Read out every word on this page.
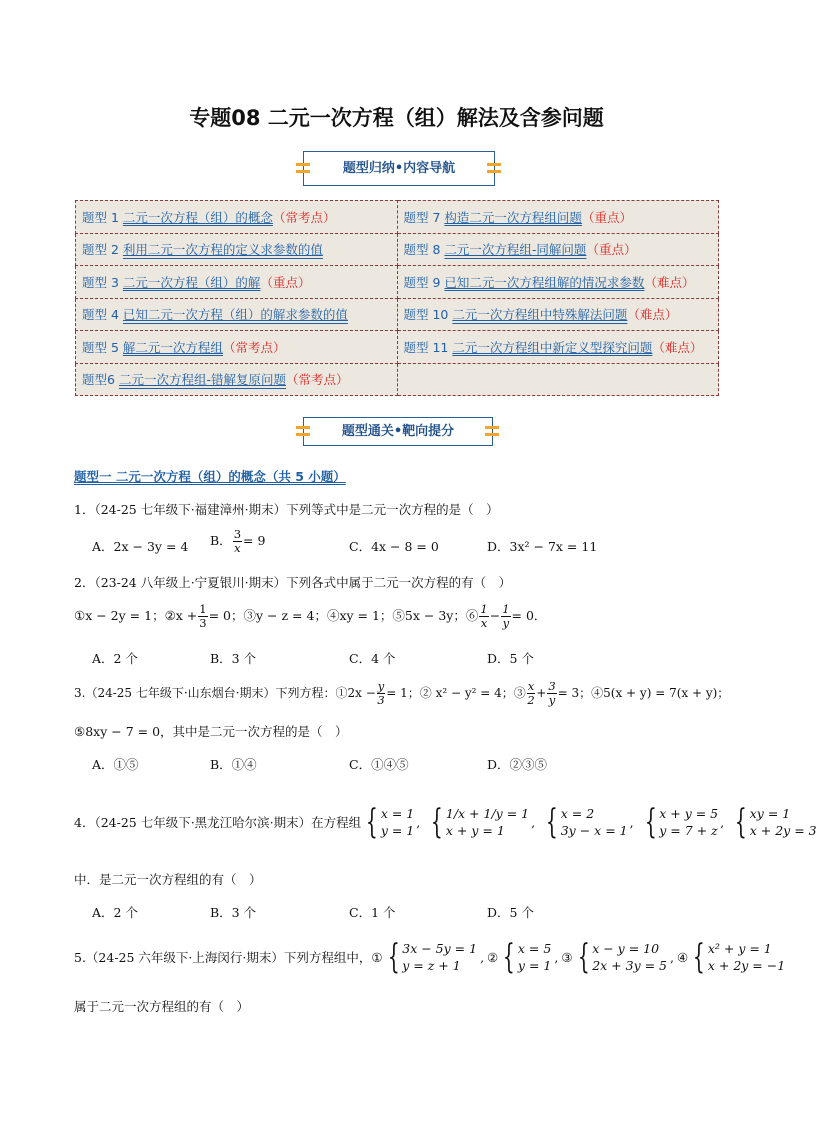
专题08 二元一次方程（组）解法及含参问题
题型归纳•内容导航
题型 1 二元一次方程（组）的概念（常考点）	题型 7 构造二元一次方程组问题（重点）
题型 2 利用二元一次方程的定义求参数的值	题型 8 二元一次方程组-同解问题（重点）
题型 3 二元一次方程（组）的解（重点）	题型 9 已知二元一次方程组解的情况求参数（难点）
题型 4 已知二元一次方程（组）的解求参数的值	题型 10 二元一次方程组中特殊解法问题（难点）
题型 5 解二元一次方程组（常考点）	题型 11 二元一次方程组中新定义型探究问题（难点）
题型6 二元一次方程组-错解复原问题（常考点）	
题型通关•靶向提分
题型一 二元一次方程（组）的概念（共 5 小题）
1．（24-25 七年级下·福建漳州·期末）下列等式中是二元一次方程的是（　）
A．2x − 3y = 4 B． $\frac{3}{x} = 9$	C．4x − 8 = 0	D．3x² − 7x = 11
2．（23-24 八年级上·宁夏银川·期末）下列各式中属于二元一次方程的有（　）
①x − 2y = 1；②x + $\frac{1}{3} = 0$；③y − z = 4；④xy = 1；⑤5x − 3y；⑥ $\frac{1}{x} - \frac{1}{y} = 0$．
A．2 个	B．3 个	C．4 个	D．5 个
3.（24-25 七年级下·山东烟台·期末）下列方程：①2x − $\frac{y}{3} = 1$；② x² − y² = 4；③ $\frac{x}{2} + \frac{3}{y} = 3$；④5(x + y) = 7(x + y)；
⑤8xy − 7 = 0，其中是二元一次方程的是（　）
A．①⑤	B．①④	C．①④⑤	D．②③⑤
4．（24-25 七年级下·黑龙江哈尔滨·期末）在方程组 { x = 1
y = 1
, { 1/x + 1/y = 1
x + y = 1
, { x = 2
3y − x = 1
, { x + y = 5
y = 7 + z
, { xy = 1
x + 2y = 3
中．是二元一次方程组的有（　）
A．2 个	B．3 个	C．1 个	D．5 个
5.（24-25 六年级下·上海闵行·期末）下列方程组中， ① { 3x − 5y = 1
y = z + 1
, ② { x = 5
y = 1
, ③ { x − y = 10
2x + 3y = 5
, ④ { x² + y = 1
x + 2y = −1
属于二元一次方程组的有（　）
